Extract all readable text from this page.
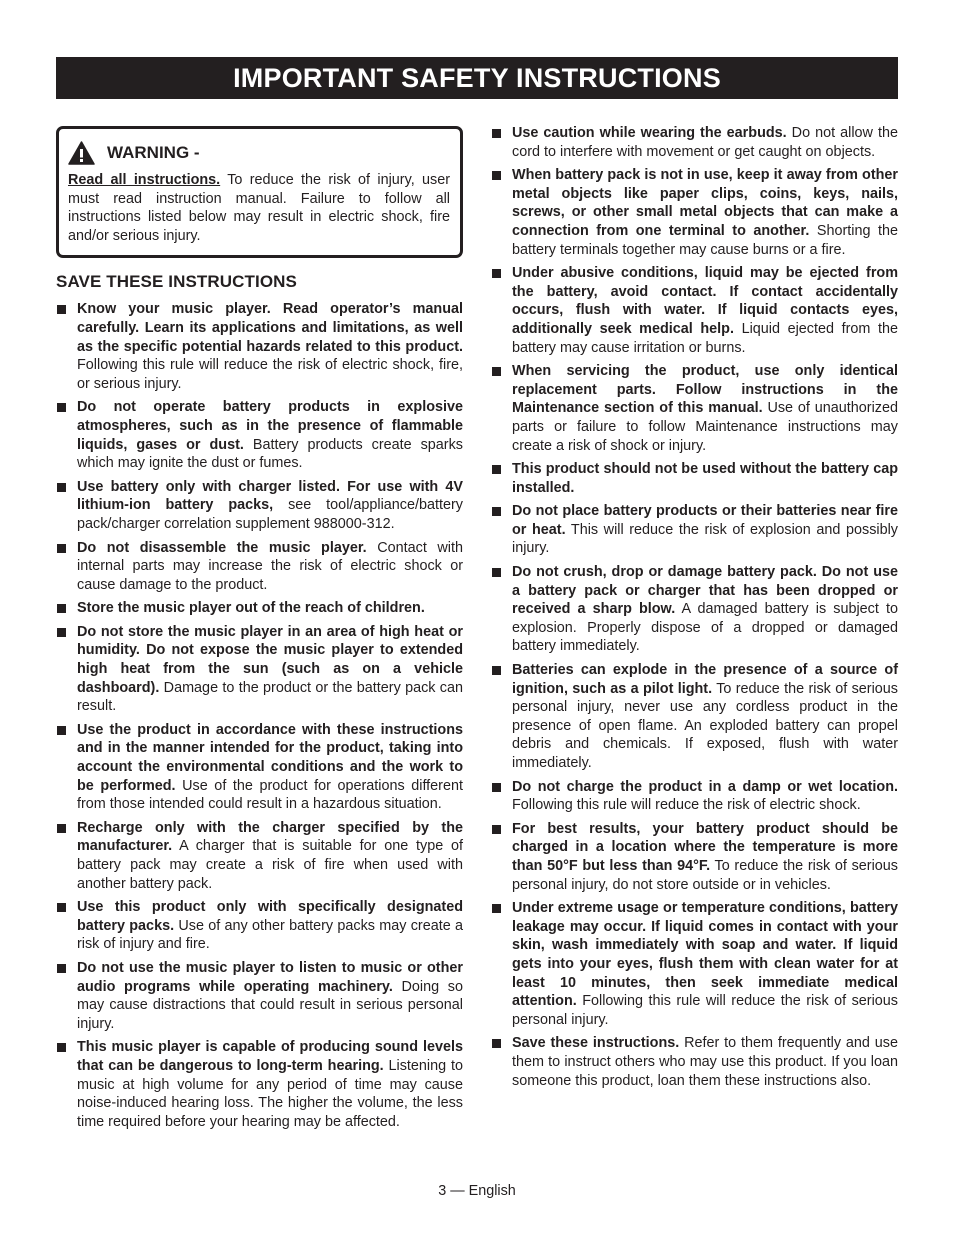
IMPORTANT SAFETY INSTRUCTIONS
WARNING -

Read all instructions. To reduce the risk of injury, user must read instruction manual. Failure to follow all instructions listed below may result in electric shock, fire and/or serious injury.

SAVE THESE INSTRUCTIONS
Know your music player. Read operator’s manual carefully. Learn its applications and limitations, as well as the specific potential hazards related to this product. Following this rule will reduce the risk of electric shock, fire, or serious injury.
Do not operate battery products in explosive atmospheres, such as in the presence of flammable liquids, gases or dust. Battery products create sparks which may ignite the dust or fumes.
Use battery only with charger listed. For use with 4V lithium-ion battery packs, see tool/appliance/battery pack/charger correlation supplement 988000-312.
Do not disassemble the music player. Contact with internal parts may increase the risk of electric shock or cause damage to the product.
Store the music player out of the reach of children.
Do not store the music player in an area of high heat or humidity. Do not expose the music player to extended high heat from the sun (such as on a vehicle dashboard). Damage to the product or the battery pack can result.
Use the product in accordance with these instructions and in the manner intended for the product, taking into account the environmental conditions and the work to be performed. Use of the product for operations different from those intended could result in a hazardous situation.
Recharge only with the charger specified by the manufacturer. A charger that is suitable for one type of battery pack may create a risk of fire when used with another battery pack.
Use this product only with specifically designated battery packs. Use of any other battery packs may create a risk of injury and fire.
Do not use the music player to listen to music or other audio programs while operating machinery. Doing so may cause distractions that could result in serious personal injury.
This music player is capable of producing sound levels that can be dangerous to long-term hearing. Listening to music at high volume for any period of time may cause noise-induced hearing loss. The higher the volume, the less time required before your hearing may be affected.
Use caution while wearing the earbuds. Do not allow the cord to interfere with movement or get caught on objects.
When battery pack is not in use, keep it away from other metal objects like paper clips, coins, keys, nails, screws, or other small metal objects that can make a connection from one terminal to another. Shorting the battery terminals together may cause burns or a fire.
Under abusive conditions, liquid may be ejected from the battery, avoid contact. If contact accidentally occurs, flush with water. If liquid contacts eyes, additionally seek medical help. Liquid ejected from the battery may cause irritation or burns.
When servicing the product, use only identical replacement parts. Follow instructions in the Maintenance section of this manual. Use of unauthorized parts or failure to follow Maintenance instructions may create a risk of shock or injury.
This product should not be used without the battery cap installed.
Do not place battery products or their batteries near fire or heat. This will reduce the risk of explosion and possibly injury.
Do not crush, drop or damage battery pack. Do not use a battery pack or charger that has been dropped or received a sharp blow. A damaged battery is subject to explosion. Properly dispose of a dropped or damaged battery immediately.
Batteries can explode in the presence of a source of ignition, such as a pilot light. To reduce the risk of serious personal injury, never use any cordless product in the presence of open flame. An exploded battery can propel debris and chemicals. If exposed, flush with water immediately.
Do not charge the product in a damp or wet location. Following this rule will reduce the risk of electric shock.
For best results, your battery product should be charged in a location where the temperature is more than 50°F but less than 94°F. To reduce the risk of serious personal injury, do not store outside or in vehicles.
Under extreme usage or temperature conditions, battery leakage may occur. If liquid comes in contact with your skin, wash immediately with soap and water. If liquid gets into your eyes, flush them with clean water for at least 10 minutes, then seek immediate medical attention. Following this rule will reduce the risk of serious personal injury.
Save these instructions. Refer to them frequently and use them to instruct others who may use this product. If you loan someone this product, loan them these instructions also.
3 — English
